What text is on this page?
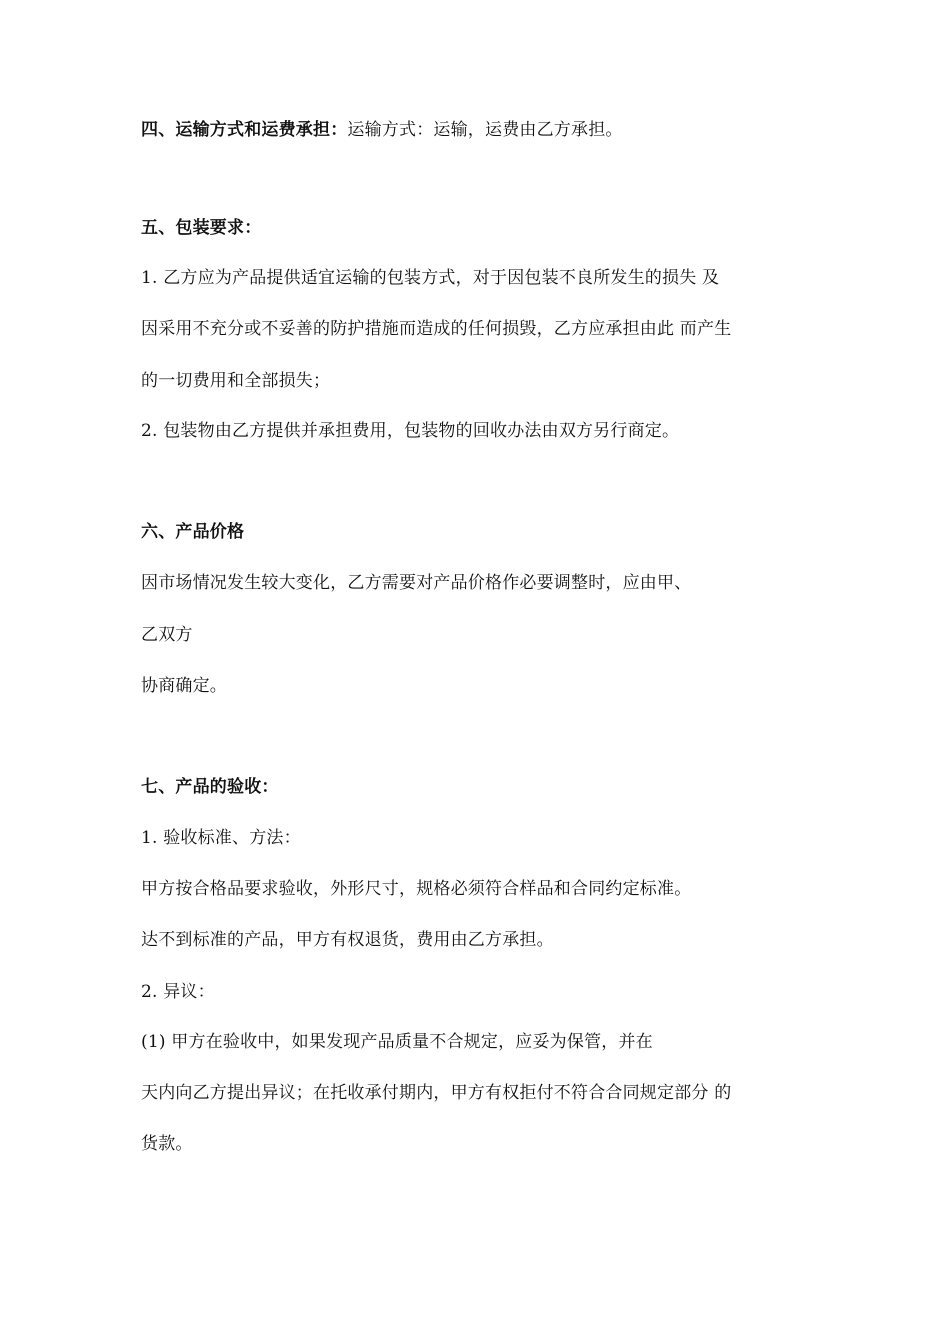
四、运输方式和运费承担：运输方式：运输，运费由乙方承担。
五、包装要求：
1. 乙方应为产品提供适宜运输的包装方式，对于因包装不良所发生的损失 及
因采用不充分或不妥善的防护措施而造成的任何损毁，乙方应承担由此 而产生
的一切费用和全部损失；
2. 包装物由乙方提供并承担费用，包装物的回收办法由双方另行商定。
六、产品价格
因市场情况发生较大变化，乙方需要对产品价格作必要调整时，应由甲、
乙双方
协商确定。
七、产品的验收：
1. 验收标准、方法：
甲方按合格品要求验收，外形尺寸，规格必须符合样品和合同约定标准。
达不到标准的产品，甲方有权退货，费用由乙方承担。
2. 异议：
(1) 甲方在验收中，如果发现产品质量不合规定，应妥为保管，并在
天内向乙方提出异议；在托收承付期内，甲方有权拒付不符合合同规定部分 的
货款。
